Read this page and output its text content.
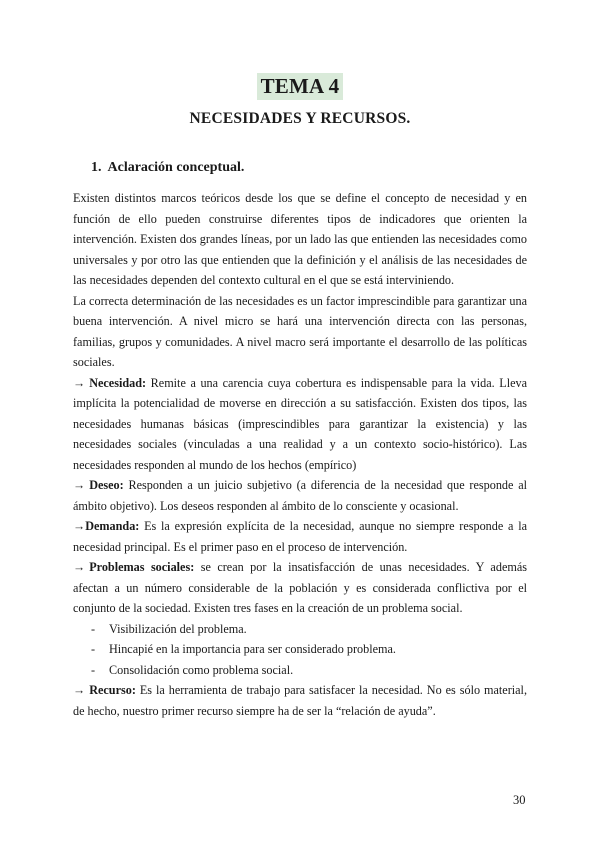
TEMA 4
NECESIDADES Y RECURSOS.
1. Aclaración conceptual.

Existen distintos marcos teóricos desde los que se define el concepto de necesidad y en función de ello pueden construirse diferentes tipos de indicadores que orienten la intervención. Existen dos grandes líneas, por un lado las que entienden las necesidades como universales y por otro las que entienden que la definición y el análisis de las necesidades de las necesidades dependen del contexto cultural en el que se está interviniendo.

La correcta determinación de las necesidades es un factor imprescindible para garantizar una buena intervención. A nivel micro se hará una intervención directa con las personas, familias, grupos y comunidades. A nivel macro será importante el desarrollo de las políticas sociales.

→ Necesidad: Remite a una carencia cuya cobertura es indispensable para la vida. Lleva implícita la potencialidad de moverse en dirección a su satisfacción. Existen dos tipos, las necesidades humanas básicas (imprescindibles para garantizar la existencia) y las necesidades sociales (vinculadas a una realidad y a un contexto socio-histórico). Las necesidades responden al mundo de los hechos (empírico)

→ Deseo: Responden a un juicio subjetivo (a diferencia de la necesidad que responde al ámbito objetivo). Los deseos responden al ámbito de lo consciente y ocasional.

→Demanda: Es la expresión explícita de la necesidad, aunque no siempre responde a la necesidad principal. Es el primer paso en el proceso de intervención.

→ Problemas sociales: se crean por la insatisfacción de unas necesidades. Y además afectan a un número considerable de la población y es considerada conflictiva por el conjunto de la sociedad. Existen tres fases en la creación de un problema social.

- Visibilización del problema.
- Hincapié en la importancia para ser considerado problema.
- Consolidación como problema social.

→ Recurso: Es la herramienta de trabajo para satisfacer la necesidad. No es sólo material, de hecho, nuestro primer recurso siempre ha de ser la “relación de ayuda”.

30
